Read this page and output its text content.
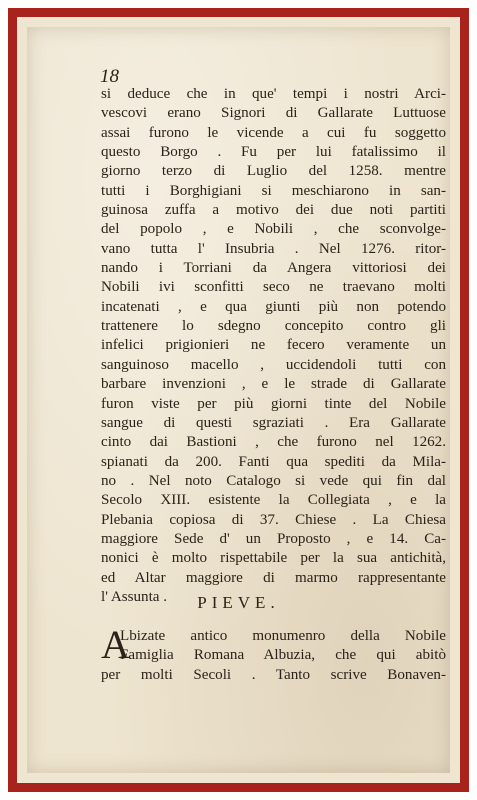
18
si deduce che in que' tempi i nostri Arci-
vescovi erano Signori di Gallarate Luttuose
assai furono le vicende a cui fu soggetto
questo Borgo . Fu per lui fatalissimo il
giorno terzo di Luglio del 1258. mentre
tutti i Borghigiani si meschiarono in san-
guinosa zuffa a motivo dei due noti partiti
del popolo , e Nobili , che sconvolge-
vano tutta l' Insubria . Nel 1276. ritor-
nando i Torriani da Angera vittoriosi dei
Nobili ivi sconfitti seco ne traevano molti
incatenati , e qua giunti più non potendo
trattenere lo sdegno concepito contro gli
infelici prigionieri ne fecero veramente un
sanguinoso macello , uccidendoli tutti con
barbare invenzioni , e le strade di Gallarate
furon viste per più giorni tinte del Nobile
sangue di questi sgraziati . Era Gallarate
cinto dai Bastioni , che furono nel 1262.
spianati da 200. Fanti qua spediti da Mila-
no . Nel noto Catalogo si vede qui fin dal
Secolo XIII. esistente la Collegiata , e la
Plebania copiosa di 37. Chiese . La Chiesa
maggiore Sede d' un Proposto , e 14. Ca-
nonici è molto rispettabile per la sua antichità,
ed Altar maggiore di marmo rappresentante
l' Assunta .	PIEVE.
A
Lbizate antico monumenro della Nobile
Famiglia Romana Albuzia, che qui abitò
per molti Secoli . Tanto scrive Bonaven-
